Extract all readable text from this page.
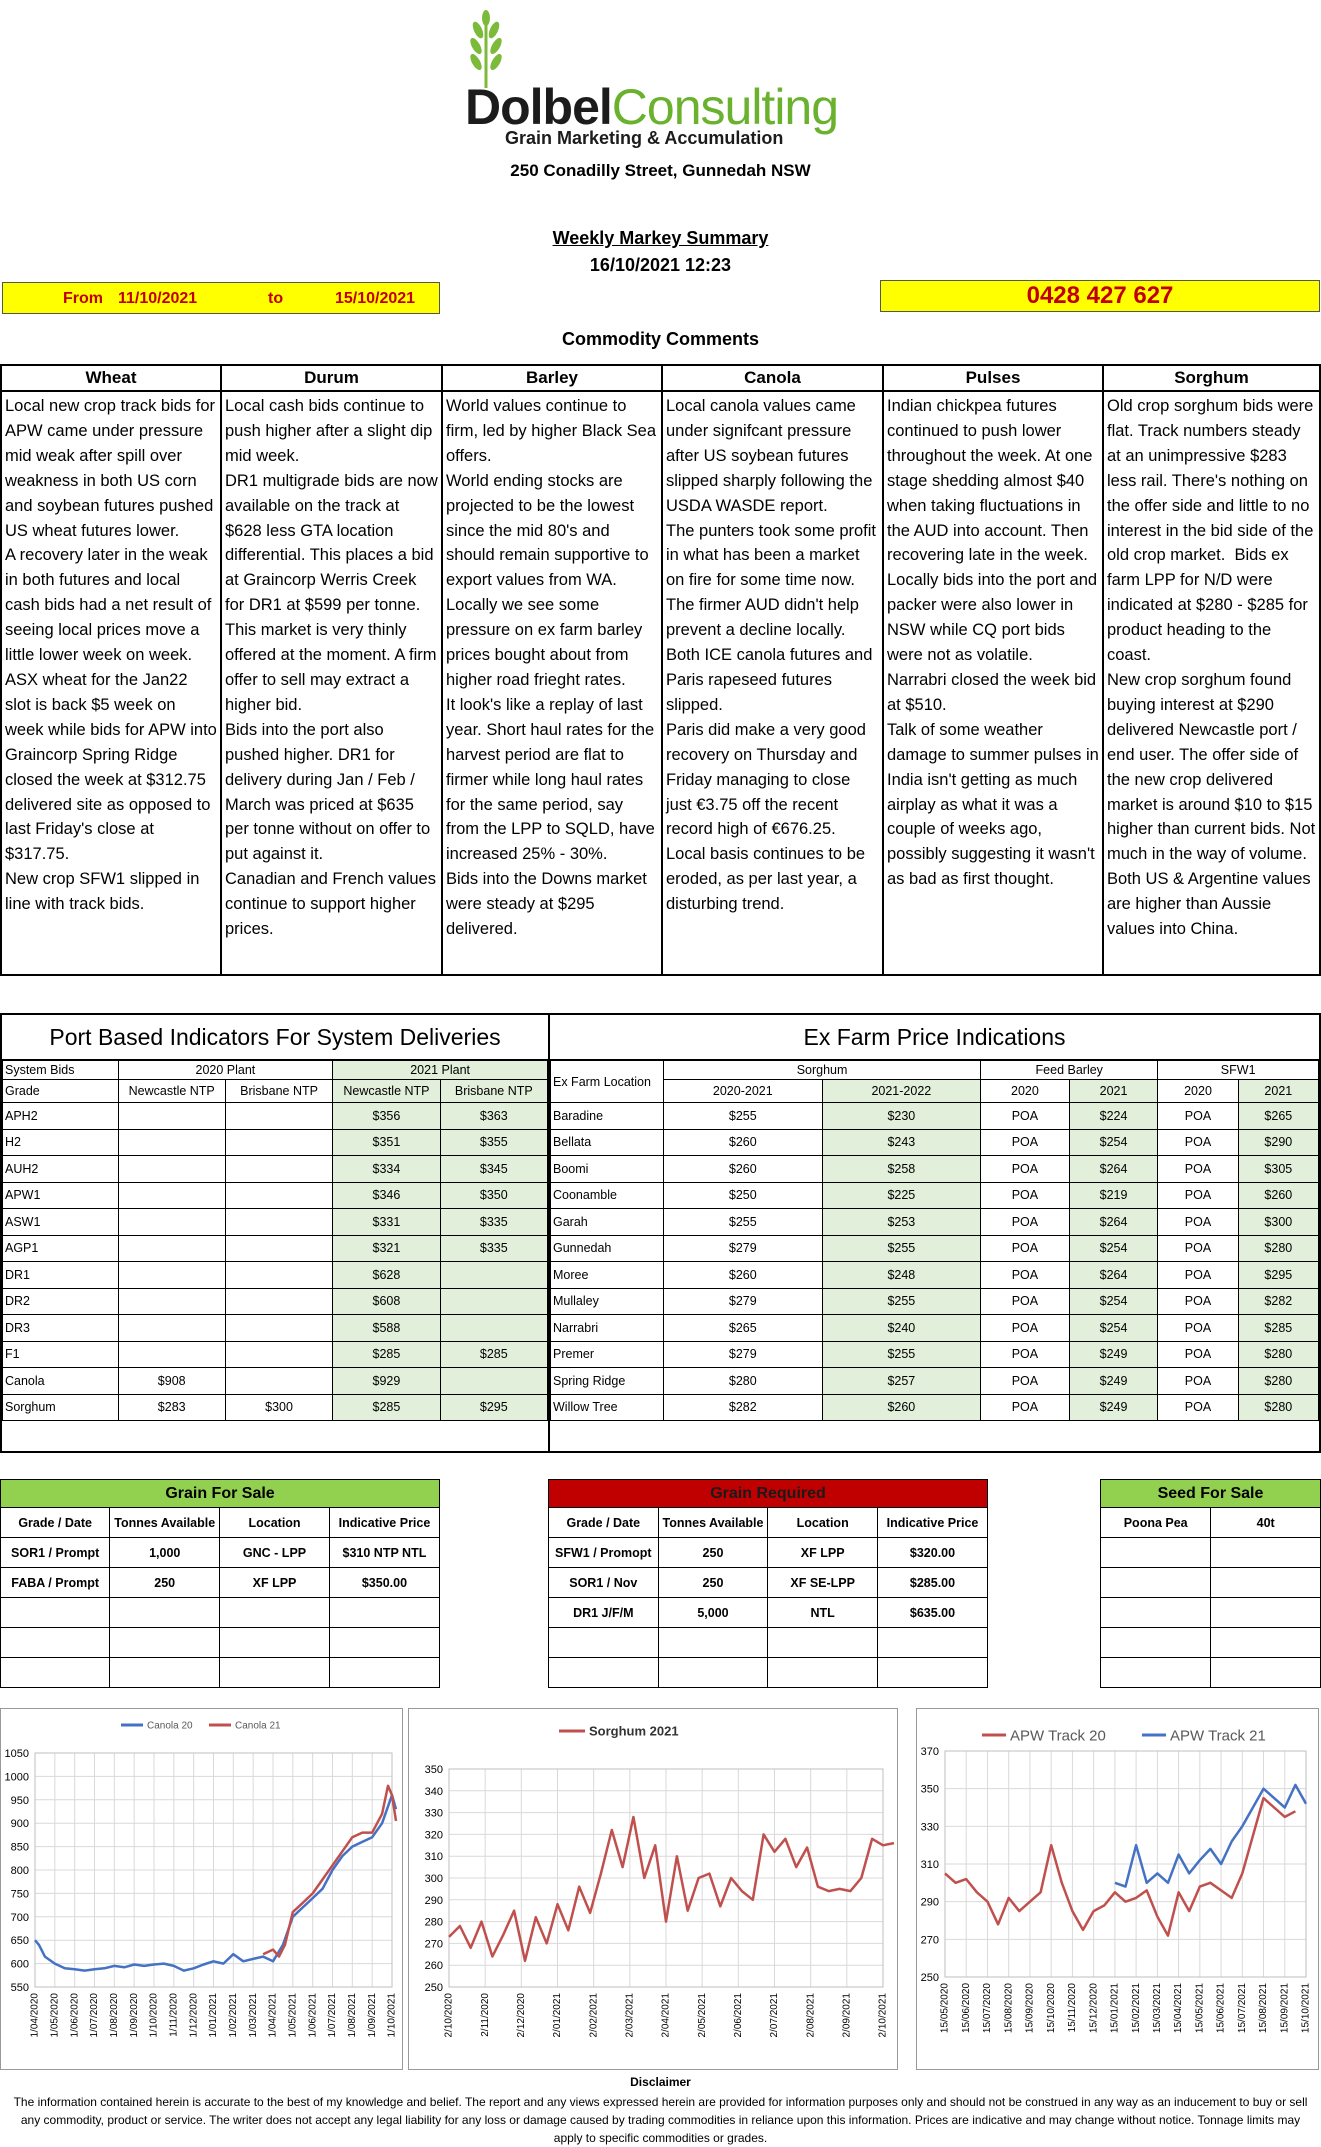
DolbelConsulting
Grain Marketing & Accumulation
250 Conadilly Street, Gunnedah NSW
Weekly Markey Summary
16/10/2021 12:23
From 11/10/2021	to	15/10/2021	0428 427 627
Commodity Comments
Wheat
Local new crop track bids for APW came under pressure mid weak after spill over weakness in both US corn and soybean futures pushed US wheat futures lower.
A recovery later in the weak in both futures and local cash bids had a net result of seeing local prices move a little lower week on week.
ASX wheat for the Jan22 slot is back $5 week on week while bids for APW into Graincorp Spring Ridge closed the week at $312.75 delivered site as opposed to last Friday's close at $317.75.
New crop SFW1 slipped in line with track bids.
Durum
Local cash bids continue to push higher after a slight dip mid week.
DR1 multigrade bids are now available on the track at $628 less GTA location differential. This places a bid at Graincorp Werris Creek for DR1 at $599 per tonne. This market is very thinly offered at the moment. A firm offer to sell may extract a higher bid.
Bids into the port also pushed higher. DR1 for delivery during Jan / Feb / March was priced at $635 per tonne without on offer to put against it.
Canadian and French values continue to support higher prices.
Barley
World values continue to firm, led by higher Black Sea offers.
World ending stocks are projected to be the lowest since the mid 80's and should remain supportive to export values from WA.
Locally we see some pressure on ex farm barley prices bought about from higher road frieght rates.
It look's like a replay of last year. Short haul rates for the harvest period are flat to firmer while long haul rates for the same period, say from the LPP to SQLD, have increased 25% - 30%.
Bids into the Downs market were steady at $295 delivered.
Canola
Local canola values came under signifcant pressure after US soybean futures slipped sharply following the USDA WASDE report.
The punters took some profit in what has been a market on fire for some time now.
The firmer AUD didn't help prevent a decline locally.
Both ICE canola futures and Paris rapeseed futures slipped.
Paris did make a very good recovery on Thursday and Friday managing to close just €3.75 off the recent record high of €676.25.
Local basis continues to be eroded, as per last year, a disturbing trend.
Pulses
Indian chickpea futures continued to push lower throughout the week. At one stage shedding almost $40 when taking fluctuations in the AUD into account. Then recovering late in the week.
Locally bids into the port and packer were also lower in NSW while CQ port bids were not as volatile.
Narrabri closed the week bid at $510.
Talk of some weather damage to summer pulses in India isn't getting as much airplay as what it was a couple of weeks ago, possibly suggesting it wasn't as bad as first thought.
Sorghum
Old crop sorghum bids were flat. Track numbers steady at an unimpressive $283 less rail. There's nothing on the offer side and little to no interest in the bid side of the old crop market.  Bids ex farm LPP for N/D were indicated at $280 - $285 for product heading to the coast.
New crop sorghum found buying interest at $290 delivered Newcastle port / end user. The offer side of the new crop delivered market is around $10 to $15 higher than current bids. Not much in the way of volume.
Both US & Argentine values are higher than Aussie values into China.
Port Based Indicators For System Deliveries
System Bids	2020 Plant		2021 Plant	
Grade	Newcastle NTP	Brisbane NTP	Newcastle NTP	Brisbane NTP
APH2			$356	$363
H2			$351	$355
AUH2			$334	$345
APW1			$346	$350
ASW1			$331	$335
AGP1			$321	$335
DR1			$628	
DR2			$608	
DR3			$588	
F1			$285	$285
Canola	$908		$929	
Sorghum	$283	$300	$285	$295
Ex Farm Price Indications
Ex Farm Location	Sorghum		Feed Barley		SFW1	
	2020-2021	2021-2022	2020	2021	2020	2021
Baradine	$255	$230	POA	$224	POA	$265
Bellata	$260	$243	POA	$254	POA	$290
Boomi	$260	$258	POA	$264	POA	$305
Coonamble	$250	$225	POA	$219	POA	$260
Garah	$255	$253	POA	$264	POA	$300
Gunnedah	$279	$255	POA	$254	POA	$280
Moree	$260	$248	POA	$264	POA	$295
Mullaley	$279	$255	POA	$254	POA	$282
Narrabri	$265	$240	POA	$254	POA	$285
Premer	$279	$255	POA	$249	POA	$280
Spring Ridge	$280	$257	POA	$249	POA	$280
Willow Tree	$282	$260	POA	$249	POA	$280
Grain For Sale
Grade / Date	Tonnes Available	Location	Indicative Price
SOR1 / Prompt	1,000	GNC - LPP	$310 NTP NTL
FABA / Prompt	250	XF LPP	$350.00

Grain Required
Grade / Date	Tonnes Available	Location	Indicative Price
SFW1 / Promopt	250	XF LPP	$320.00
SOR1 / Nov	250	XF SE-LPP	$285.00
DR1 J/F/M	5,000	NTL	$635.00

Seed For Sale
Poona Pea	40t

550
600
650
700
750
800
850
900
950
1000
1050
1/04/2020 1/05/2020 1/06/2020 1/07/2020 1/08/2020 1/09/2020 1/10/2020 1/11/2020 1/12/2020 1/01/2021 1/02/2021 1/03/2021 1/04/2021 1/05/2021 1/06/2021 1/07/2021 1/08/2021 1/09/2021 1/10/2021
Canola 20	Canola 21
250
260
270
280
290
300
310
320
330
340
350
2/10/2020	2/11/2020	2/12/2020	2/01/2021	2/02/2021	2/03/2021	2/04/2021	2/05/2021	2/06/2021	2/07/2021	2/08/2021	2/09/2021	2/10/2021
Sorghum 2021
250
270
290
310
330
350
370
15/05/2020 15/06/2020 15/07/2020 15/08/2020 15/09/2020 15/10/2020 15/11/2020 15/12/2020 15/01/2021 15/02/2021 15/03/2021 15/04/2021 15/05/2021 15/06/2021 15/07/2021 15/08/2021 15/09/2021 15/10/2021
APW Track 20	APW Track 21
Disclaimer
The information contained herein is accurate to the best of my knowledge and belief. The report and any views expressed herein are provided for information purposes only and should not be construed in any way as an inducement to buy or sell any commodity, product or service. The writer does not accept any legal liability for any loss or damage caused by trading commodities in reliance upon this information. Prices are indicative and may change without notice. Tonnage limits may apply to specific commodities or grades.
